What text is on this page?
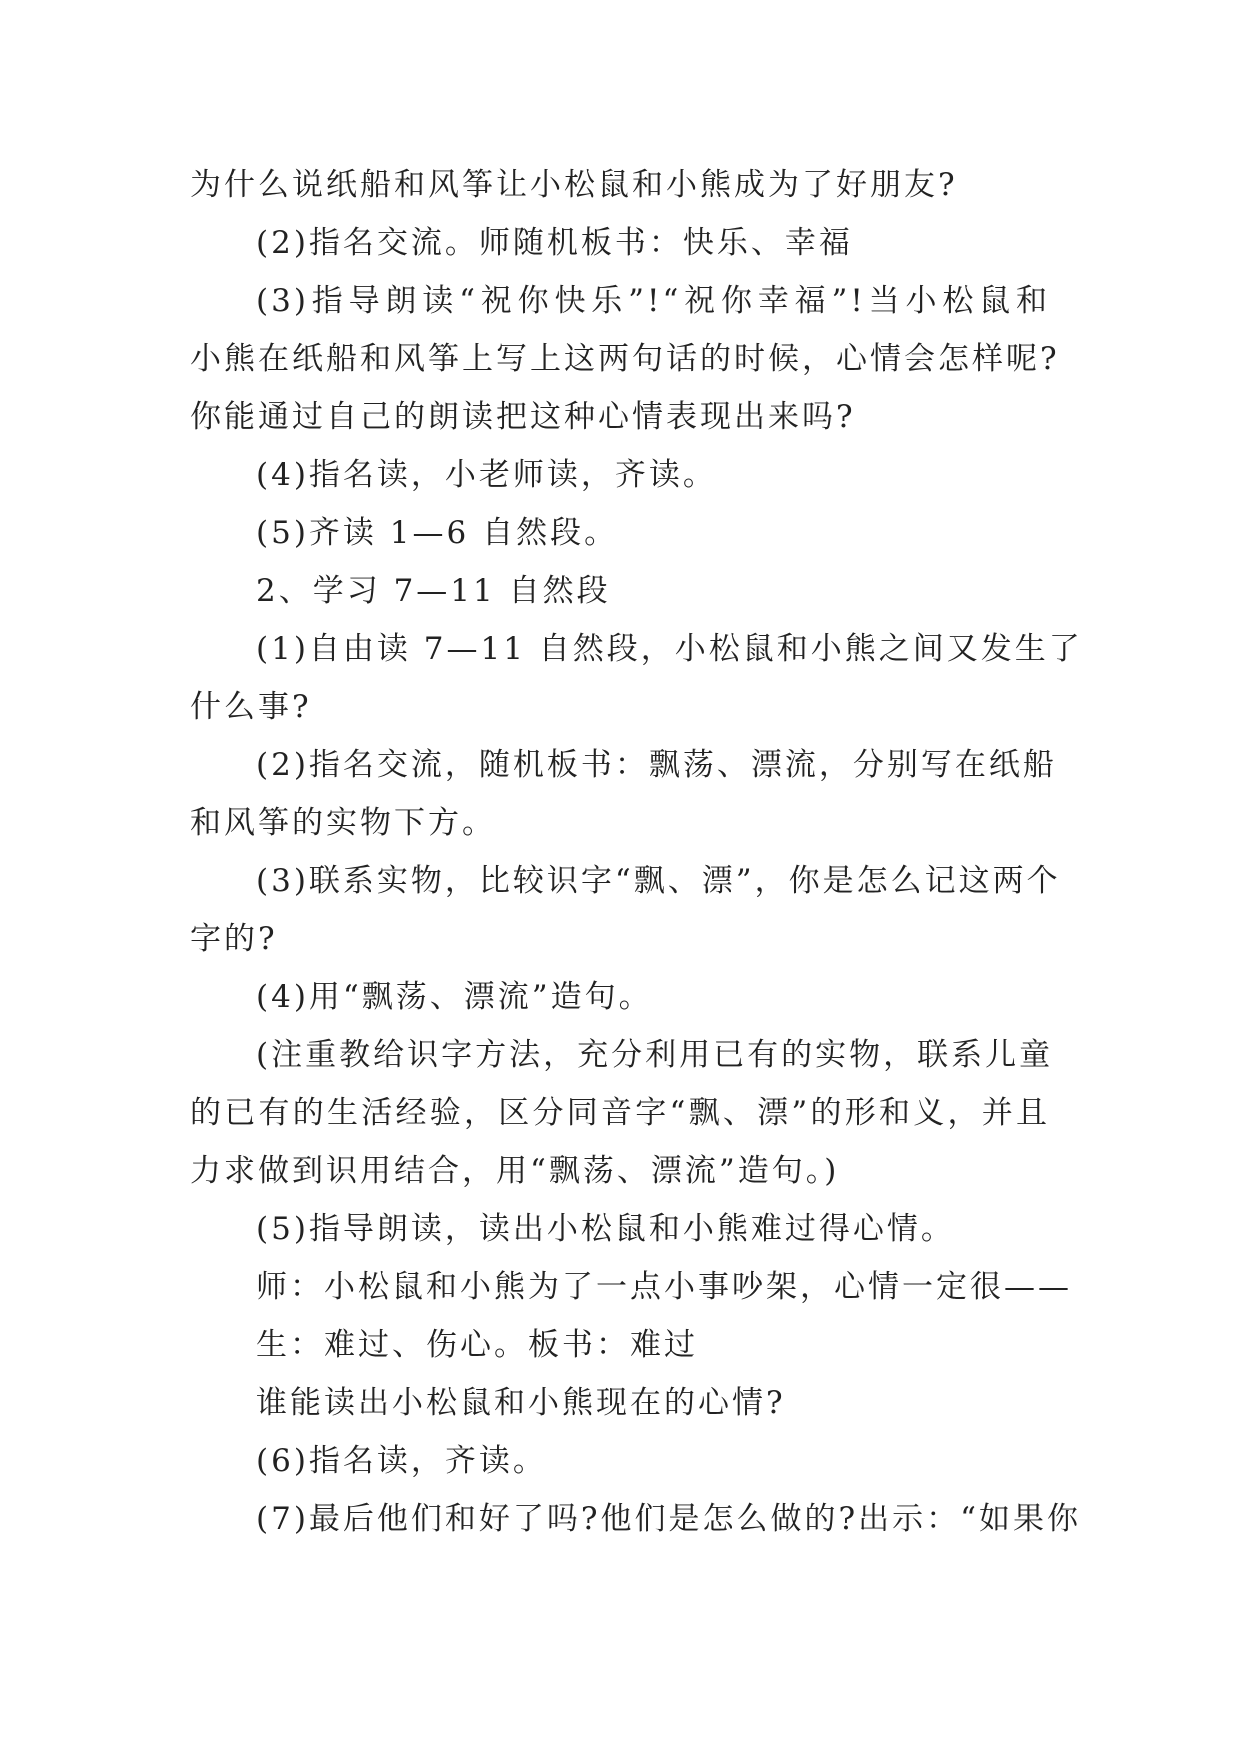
为什么说纸船和风筝让小松鼠和小熊成为了好朋友?
(2)指名交流。师随机板书：快乐、幸福
(3)指导朗读“祝你快乐”!“祝你幸福”!当小松鼠和
小熊在纸船和风筝上写上这两句话的时候，心情会怎样呢?
你能通过自己的朗读把这种心情表现出来吗?
(4)指名读，小老师读，齐读。
(5)齐读 1—6 自然段。
2、学习 7—11 自然段
(1)自由读 7—11 自然段，小松鼠和小熊之间又发生了
什么事?
(2)指名交流，随机板书：飘荡、漂流，分别写在纸船
和风筝的实物下方。
(3)联系实物，比较识字“飘、漂”，你是怎么记这两个
字的?
(4)用“飘荡、漂流”造句。
(注重教给识字方法，充分利用已有的实物，联系儿童
的已有的生活经验，区分同音字“飘、漂”的形和义，并且
力求做到识用结合，用“飘荡、漂流”造句。)
(5)指导朗读，读出小松鼠和小熊难过得心情。
师：小松鼠和小熊为了一点小事吵架，心情一定很——
生：难过、伤心。板书：难过
谁能读出小松鼠和小熊现在的心情?
(6)指名读，齐读。
(7)最后他们和好了吗?他们是怎么做的?出示：“如果你
